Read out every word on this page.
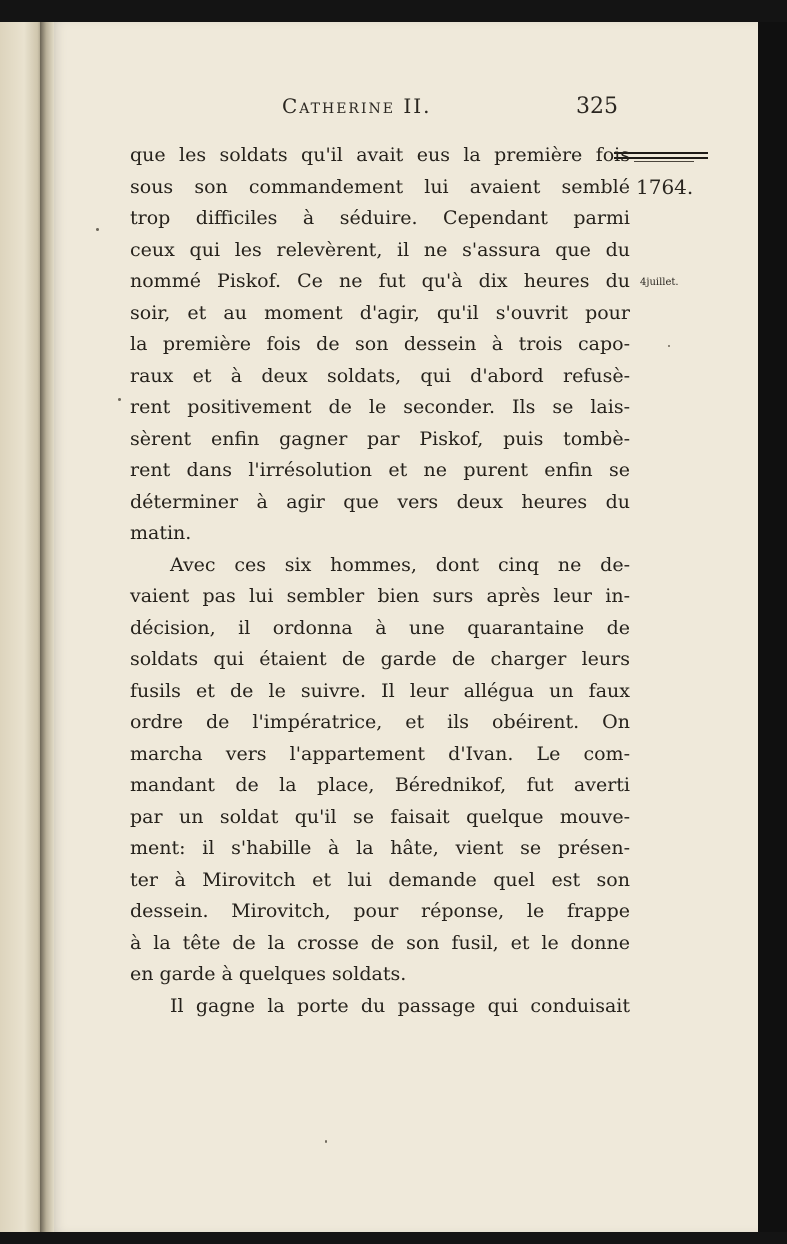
Catherine II.	325
1764.
4juillet.
que les soldats qu'il avait eus la première fois
sous son commandement lui avaient semblé
trop difficiles à séduire. Cependant parmi
ceux qui les relevèrent, il ne s'assura que du
nommé Piskof. Ce ne fut qu'à dix heures du
soir, et au moment d'agir, qu'il s'ouvrit pour
la première fois de son dessein à trois capo-
raux et à deux soldats, qui d'abord refusè-
rent positivement de le seconder. Ils se lais-
sèrent enfin gagner par Piskof, puis tombè-
rent dans l'irrésolution et ne purent enfin se
déterminer à agir que vers deux heures du
matin.
Avec ces six hommes, dont cinq ne de-
vaient pas lui sembler bien surs après leur in-
décision, il ordonna à une quarantaine de
soldats qui étaient de garde de charger leurs
fusils et de le suivre. Il leur allégua un faux
ordre de l'impératrice, et ils obéirent. On
marcha vers l'appartement d'Ivan. Le com-
mandant de la place, Bérednikof, fut averti
par un soldat qu'il se faisait quelque mouve-
ment: il s'habille à la hâte, vient se présen-
ter à Mirovitch et lui demande quel est son
dessein. Mirovitch, pour réponse, le frappe
à la tête de la crosse de son fusil, et le donne
en garde à quelques soldats.
Il gagne la porte du passage qui conduisait
